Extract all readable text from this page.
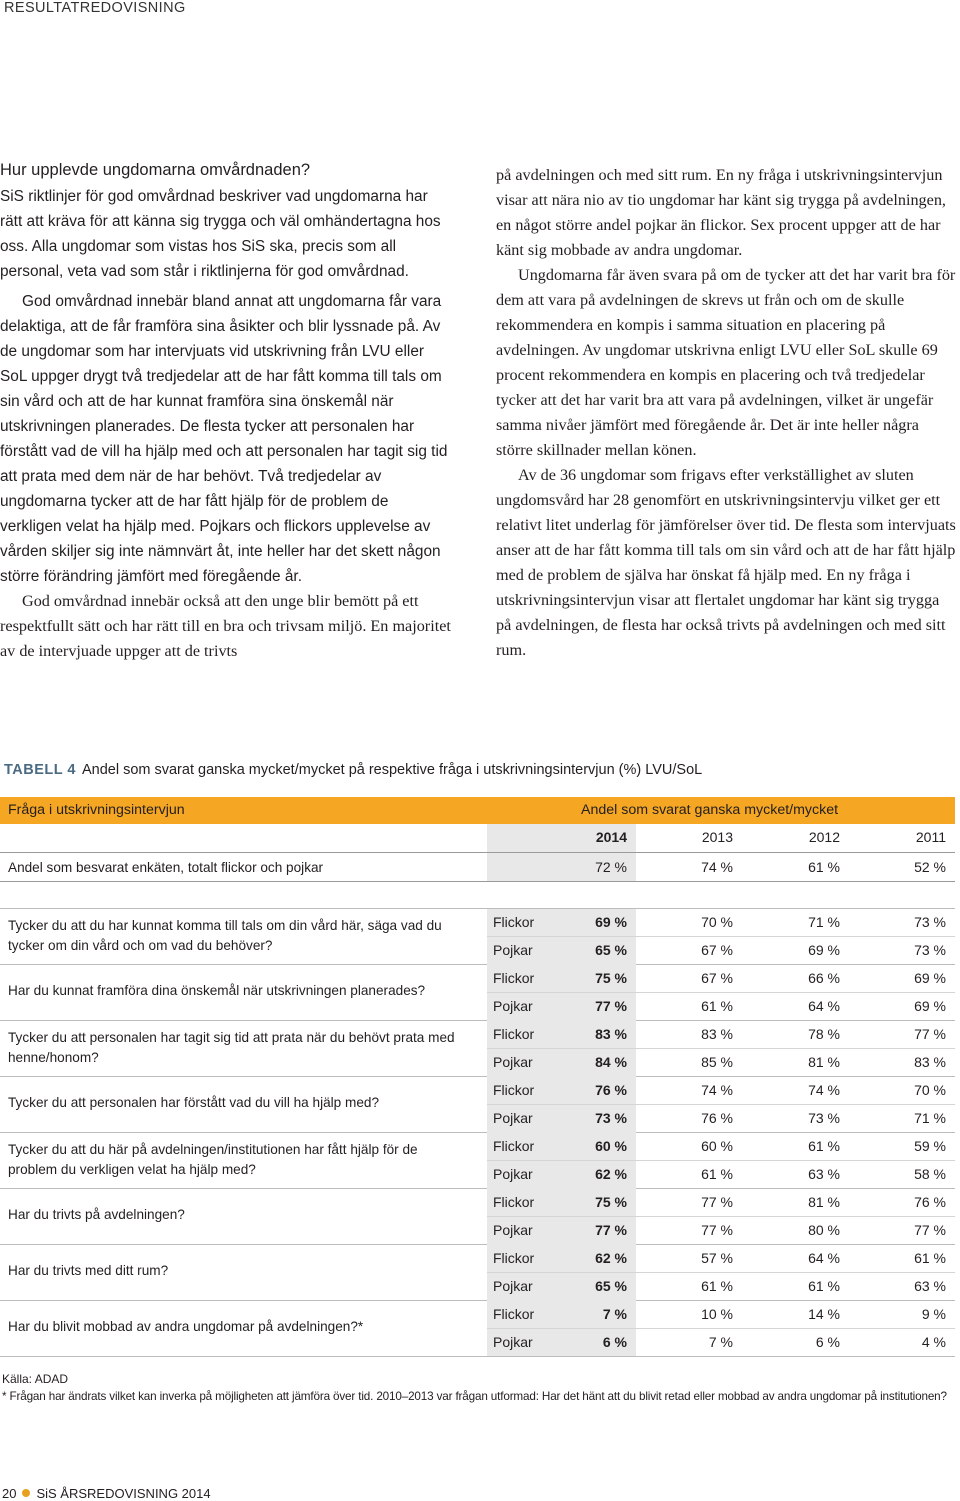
RESULTATREDOVISNING

Hur upplevde ungdomarna omvårdnaden?

SiS riktlinjer för god omvårdnad beskriver vad ungdomarna har rätt att kräva för att känna sig trygga och väl omhändertagna hos oss. Alla ungdomar som vistas hos SiS ska, precis som all personal, veta vad som står i riktlinjerna för god omvårdnad.

God omvårdnad innebär bland annat att ungdomarna får vara delaktiga, att de får framföra sina åsikter och blir lyssnade på. Av de ungdomar som har intervjuats vid utskrivning från LVU eller SoL uppger drygt två tredjedelar att de har fått komma till tals om sin vård och att de har kunnat framföra sina önskemål när utskrivningen planerades. De flesta tycker att personalen har förstått vad de vill ha hjälp med och att personalen har tagit sig tid att prata med dem när de har behövt. Två tredjedelar av ungdomarna tycker att de har fått hjälp för de problem de verkligen velat ha hjälp med. Pojkars och flickors upplevelse av vården skiljer sig inte nämnvärt åt, inte heller har det skett någon större förändring jämfört med föregående år.

God omvårdnad innebär också att den unge blir bemött på ett respektfullt sätt och har rätt till en bra och trivsam miljö. En majoritet av de intervjuade uppger att de trivts

på avdelningen och med sitt rum. En ny fråga i utskrivningsintervjun visar att nära nio av tio ungdomar har känt sig trygga på avdelningen, en något större andel pojkar än flickor. Sex procent uppger att de har känt sig mobbade av andra ungdomar.

Ungdomarna får även svara på om de tycker att det har varit bra för dem att vara på avdelningen de skrevs ut från och om de skulle rekommendera en kompis i samma situation en placering på avdelningen. Av ungdomar utskrivna enligt LVU eller SoL skulle 69 procent rekommendera en kompis en placering och två tredjedelar tycker att det har varit bra att vara på avdelningen, vilket är ungefär samma nivåer jämfört med föregående år. Det är inte heller några större skillnader mellan könen.

Av de 36 ungdomar som frigavs efter verkställighet av sluten ungdomsvård har 28 genomfört en utskrivningsintervju vilket ger ett relativt litet underlag för jämförelser över tid. De flesta som intervjuats anser att de har fått komma till tals om sin vård och att de har fått hjälp med de problem de själva har önskat få hjälp med. En ny fråga i utskrivningsintervjun visar att flertalet ungdomar har känt sig trygga på avdelningen, de flesta har också trivts på avdelningen och med sitt rum.

TABELL 4 Andel som svarat ganska mycket/mycket på respektive fråga i utskrivningsintervjun (%) LVU/SoL
Fråga i utskrivningsintervjun	Andel som svarat ganska mycket/mycket
2014	2013	2012	2011
Andel som besvarat enkäten, totalt flickor och pojkar	72 %	74 %	61 %	52 %
Tycker du att du har kunnat komma till tals om din vård här, säga vad du tycker om din vård och om vad du behöver?
Flickor	69 %	70 %	71 %	73 %
Pojkar	65 %	67 %	69 %	73 %
Har du kunnat framföra dina önskemål när utskrivningen planerades?
Flickor	75 %	67 %	66 %	69 %
Pojkar	77 %	61 %	64 %	69 %
Tycker du att personalen har tagit sig tid att prata när du behövt prata med henne/honom?
Flickor	83 %	83 %	78 %	77 %
Pojkar	84 %	85 %	81 %	83 %
Tycker du att personalen har förstått vad du vill ha hjälp med?
Flickor	76 %	74 %	74 %	70 %
Pojkar	73 %	76 %	73 %	71 %
Tycker du att du här på avdelningen/institutionen har fått hjälp för de problem du verkligen velat ha hjälp med?
Flickor	60 %	60 %	61 %	59 %
Pojkar	62 %	61 %	63 %	58 %
Har du trivts på avdelningen?
Flickor	75 %	77 %	81 %	76 %
Pojkar	77 %	77 %	80 %	77 %
Har du trivts med ditt rum?
Flickor	62 %	57 %	64 %	61 %
Pojkar	65 %	61 %	61 %	63 %
Har du blivit mobbad av andra ungdomar på avdelningen?*
Flickor	7 %	10 %	14 %	9 %
Pojkar	6 %	7 %	6 %	4 %
Källa: ADAD
* Frågan har ändrats vilket kan inverka på möjligheten att jämföra över tid. 2010–2013 var frågan utformad: Har det hänt att du blivit retad eller mobbad av andra ungdomar på institutionen?
20 SiS ÅRSREDOVISNING 2014
